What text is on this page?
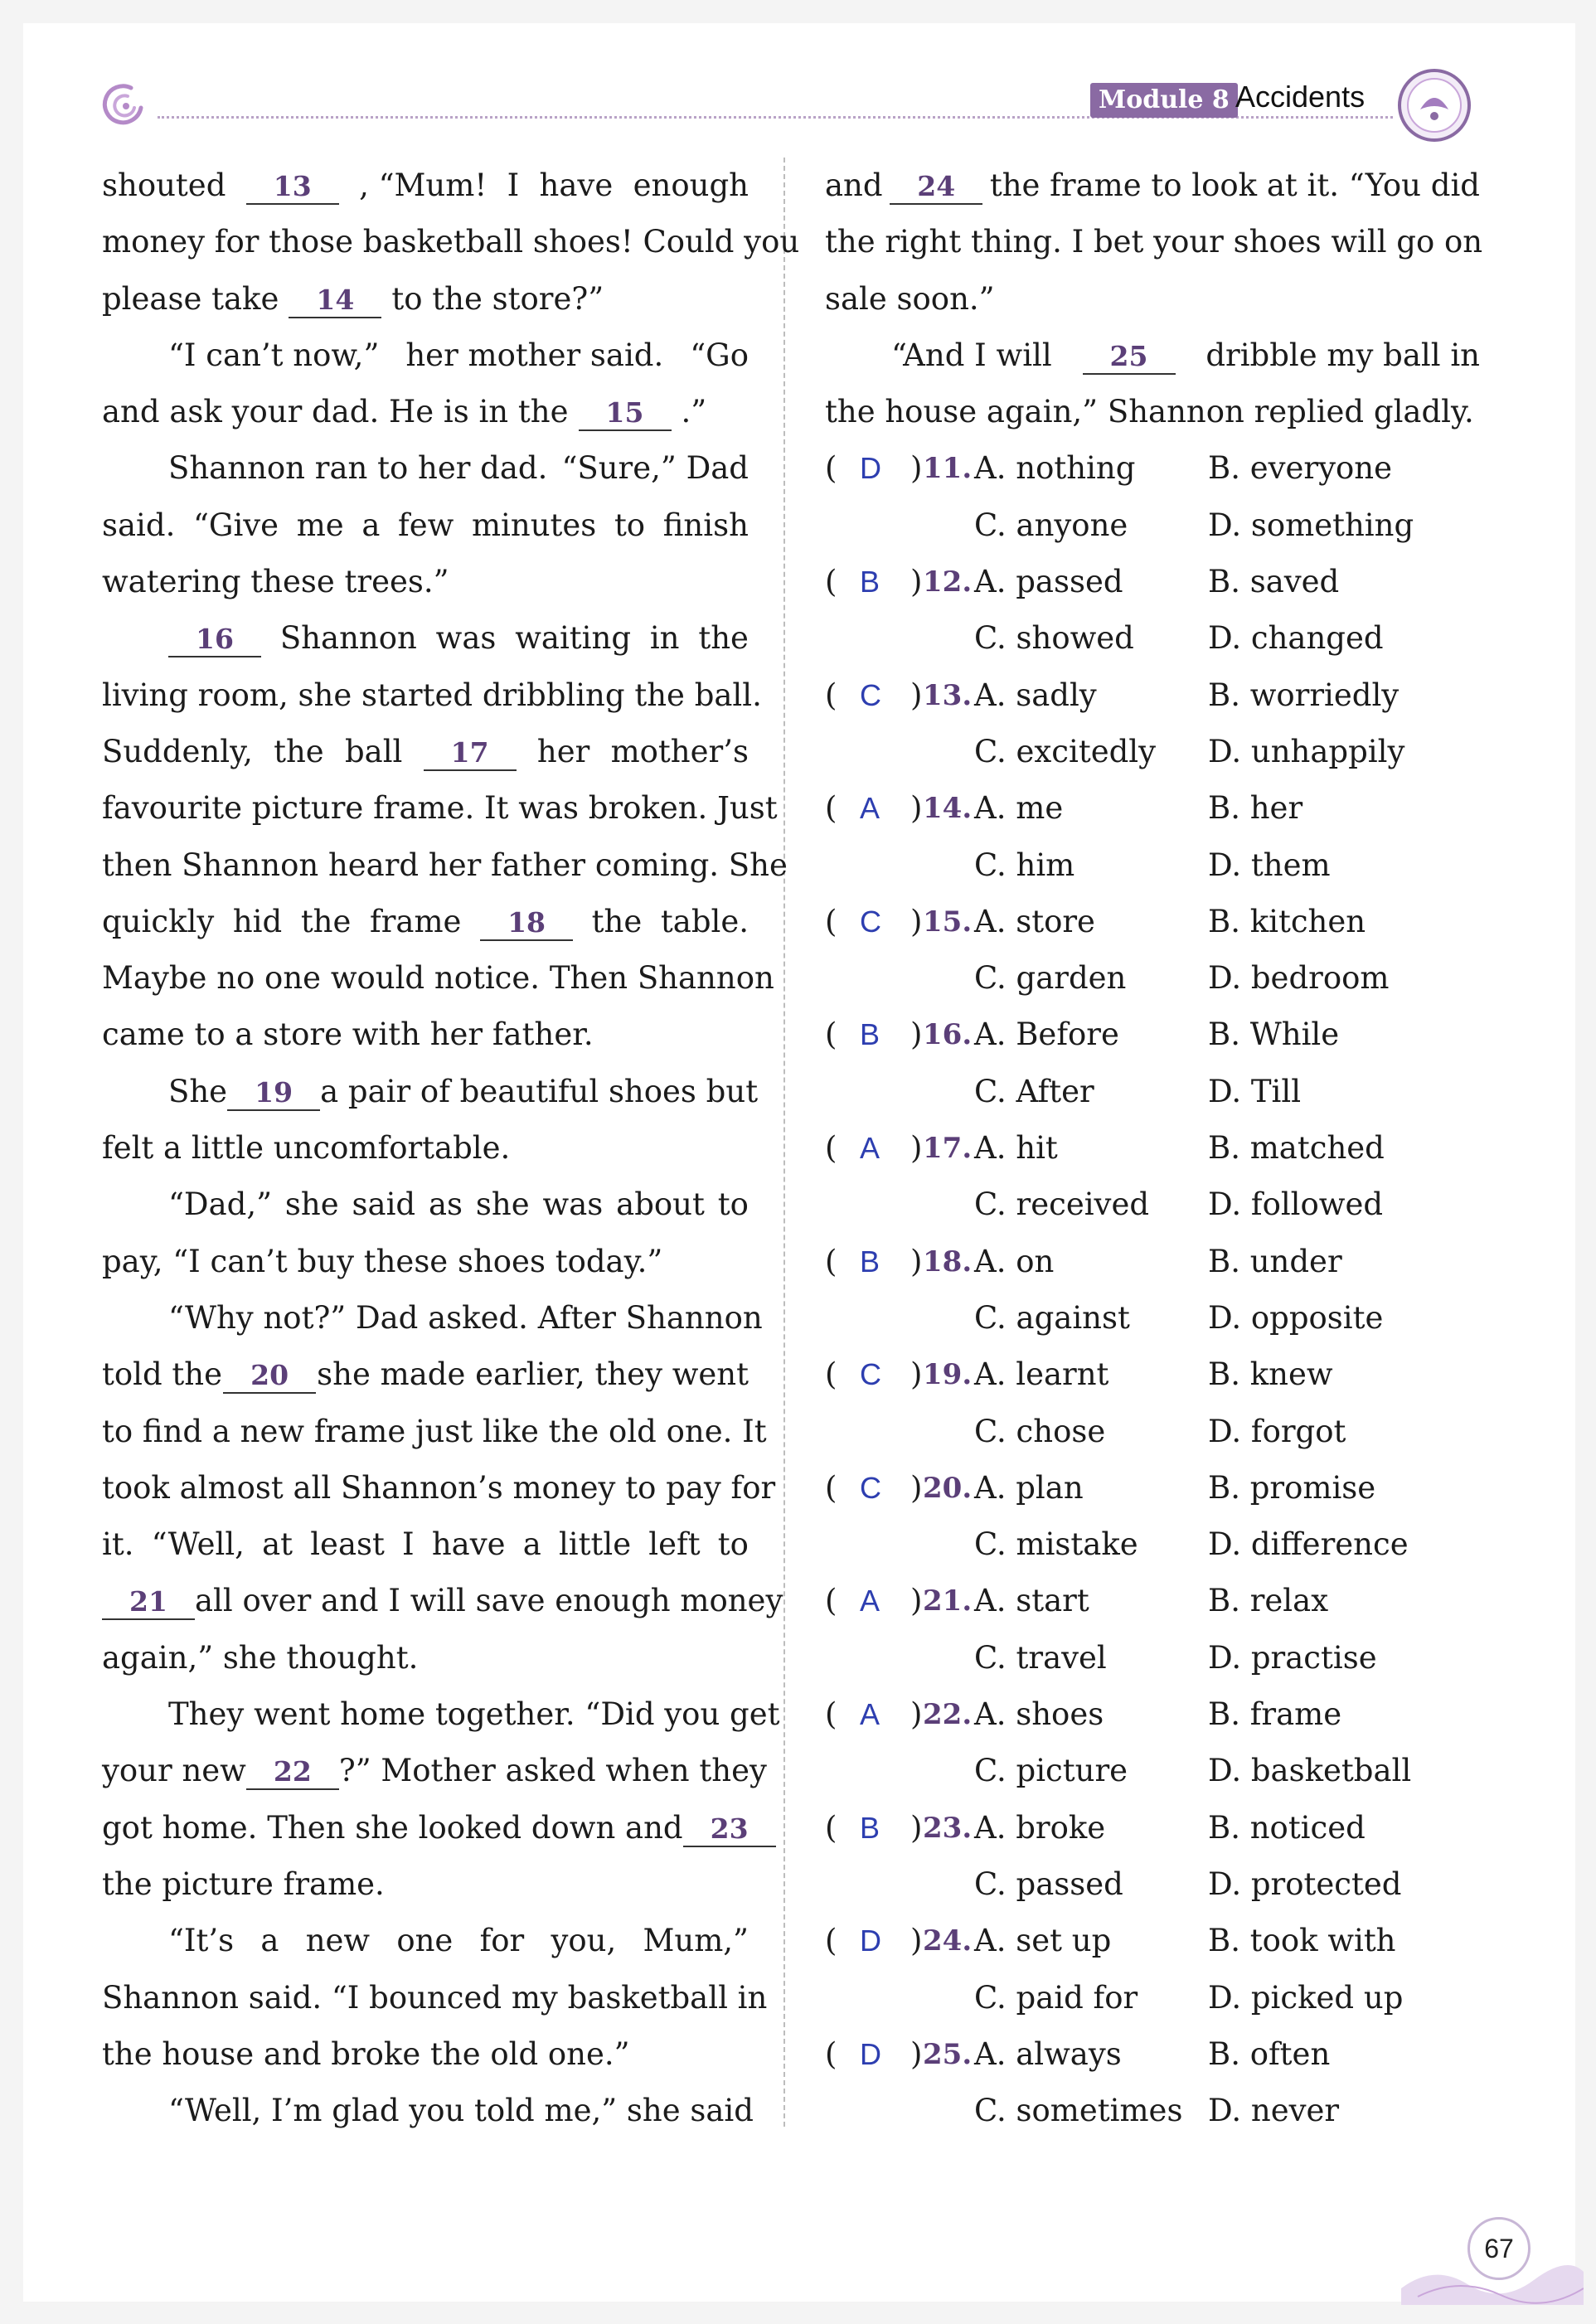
Module 8 Accidents
shouted	13	, “Mum! I have enough
money for those basketball shoes! Could you
please take	14	to the store?”
“I can’t now,” her mother said. “Go
and ask your dad. He is in the	15	.”
Shannon ran to her dad. “Sure,” Dad
said. “Give me a few minutes to finish
watering these trees.”
16	Shannon was waiting in the
living room, she started dribbling the ball.
Suddenly, the ball	17	her mother’s
favourite picture frame. It was broken. Just
then Shannon heard her father coming. She
quickly hid the frame	18	the table.
Maybe no one would notice. Then Shannon
came to a store with her father.
She	19 a pair of beautiful shoes but
felt a little uncomfortable.
“Dad,” she said as she was about to
pay, “I can’t buy these shoes today.”
“Why not?” Dad asked. After Shannon
told the	20 she made earlier, they went
to find a new frame just like the old one. It
took almost all Shannon’s money to pay for
it. “Well, at least I have a little left to
21 all over and I will save enough money
again,” she thought.
They went home together. “Did you get
your new	22 ?” Mother asked when they
got home. Then she looked down and	23
the picture frame.
“It’s a new one for you, Mum,”
Shannon said. “I bounced my basketball in
the house and broke the old one.”
“Well, I’m glad you told me,” she said
and	24	the frame to look at it. “You did
the right thing. I bet your shoes will go on
sale soon.”
“And I will	25	dribble my ball in
the house again,” Shannon replied gladly.
( D ) 11. A. nothing B. everyone
C. anyone	D. something
( B ) 12. A. passed	B. saved
C. showed D. changed
( C ) 13. A. sadly	B. worriedly
C. excitedly D. unhappily
( A ) 14. A. me	B. her
C. him	D. them
( C ) 15. A. store	B. kitchen
C. garden	D. bedroom
( B ) 16. A. Before	B. While
C. After	D. Till
( A ) 17. A. hit	B. matched
C. received D. followed
( B ) 18. A. on	B. under
C. against	D. opposite
( C ) 19. A. learnt	B. knew
C. chose	D. forgot
( C ) 20. A. plan	B. promise
C. mistake D. difference
( A ) 21. A. start	B. relax
C. travel	D. practise
( A ) 22. A. shoes	B. frame
C. picture	D. basketball
( B ) 23. A. broke	B. noticed
C. passed	D. protected
( D ) 24. A. set up	B. took with
C. paid for D. picked up
( D ) 25. A. always	B. often
C. sometimes D. never
67
